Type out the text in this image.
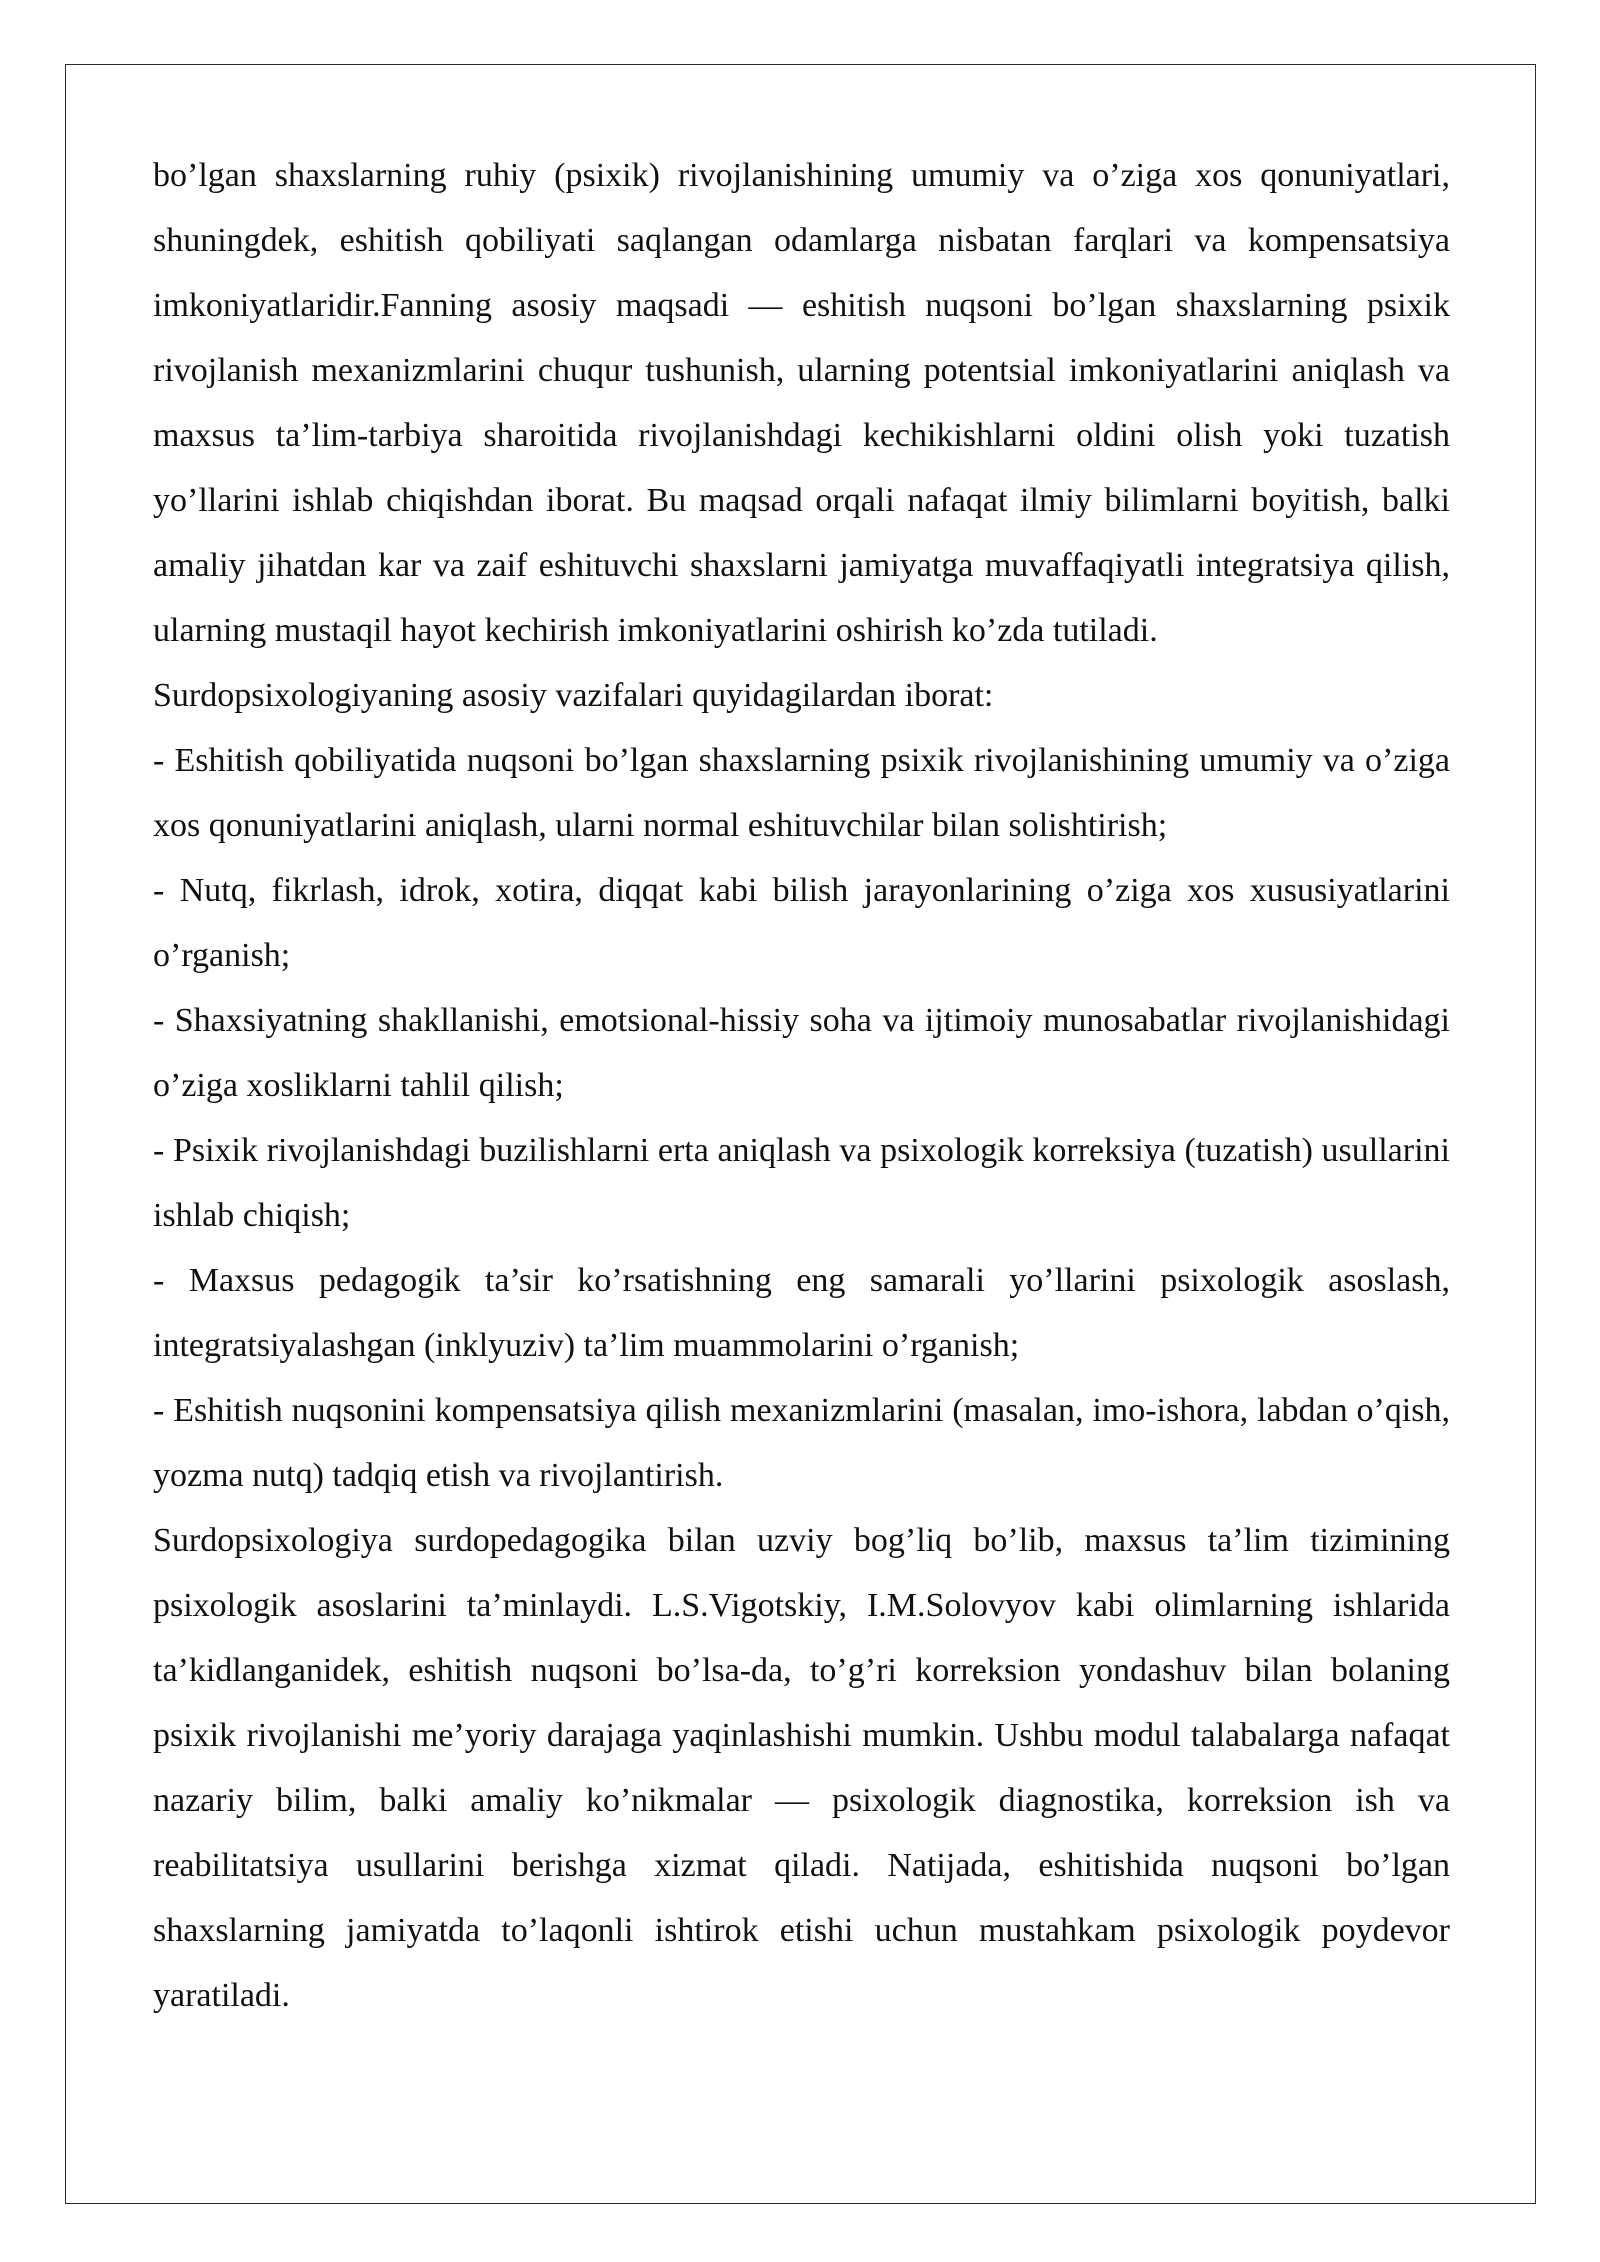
bo’lgan shaxslarning ruhiy (psixik) rivojlanishining umumiy va o’ziga xos qonuniyatlari, shuningdek, eshitish qobiliyati saqlangan odamlarga nisbatan farqlari va kompensatsiya imkoniyatlaridir.Fanning asosiy maqsadi — eshitish nuqsoni bo’lgan shaxslarning psixik rivojlanish mexanizmlarini chuqur tushunish, ularning potentsial imkoniyatlarini aniqlash va maxsus ta’lim-tarbiya sharoitida rivojlanishdagi kechikishlarni oldini olish yoki tuzatish yo’llarini ishlab chiqishdan iborat. Bu maqsad orqali nafaqat ilmiy bilimlarni boyitish, balki amaliy jihatdan kar va zaif eshituvchi shaxslarni jamiyatga muvaffaqiyatli integratsiya qilish, ularning mustaqil hayot kechirish imkoniyatlarini oshirish ko’zda tutiladi.

Surdopsixologiyaning asosiy vazifalari quyidagilardan iborat:

- Eshitish qobiliyatida nuqsoni bo’lgan shaxslarning psixik rivojlanishining umumiy va o’ziga xos qonuniyatlarini aniqlash, ularni normal eshituvchilar bilan solishtirish;

- Nutq, fikrlash, idrok, xotira, diqqat kabi bilish jarayonlarining o’ziga xos xususiyatlarini o’rganish;

- Shaxsiyatning shakllanishi, emotsional-hissiy soha va ijtimoiy munosabatlar rivojlanishidagi o’ziga xosliklarni tahlil qilish;

- Psixik rivojlanishdagi buzilishlarni erta aniqlash va psixologik korreksiya (tuzatish) usullarini ishlab chiqish;

- Maxsus pedagogik ta’sir ko’rsatishning eng samarali yo’llarini psixologik asoslash, integratsiyalashgan (inklyuziv) ta’lim muammolarini o’rganish;

- Eshitish nuqsonini kompensatsiya qilish mexanizmlarini (masalan, imo-ishora, labdan o’qish, yozma nutq) tadqiq etish va rivojlantirish.

Surdopsixologiya surdopedagogika bilan uzviy bog’liq bo’lib, maxsus ta’lim tizimining psixologik asoslarini ta’minlaydi. L.S.Vigotskiy, I.M.Solovyov kabi olimlarning ishlarida ta’kidlanganidek, eshitish nuqsoni bo’lsa-da, to’g’ri korreksion yondashuv bilan bolaning psixik rivojlanishi me’yoriy darajaga yaqinlashishi mumkin. Ushbu modul talabalarga nafaqat nazariy bilim, balki amaliy ko’nikmalar — psixologik diagnostika, korreksion ish va reabilitatsiya usullarini berishga xizmat qiladi. Natijada, eshitishida nuqsoni bo’lgan shaxslarning jamiyatda to’laqonli ishtirok etishi uchun mustahkam psixologik poydevor yaratiladi.
